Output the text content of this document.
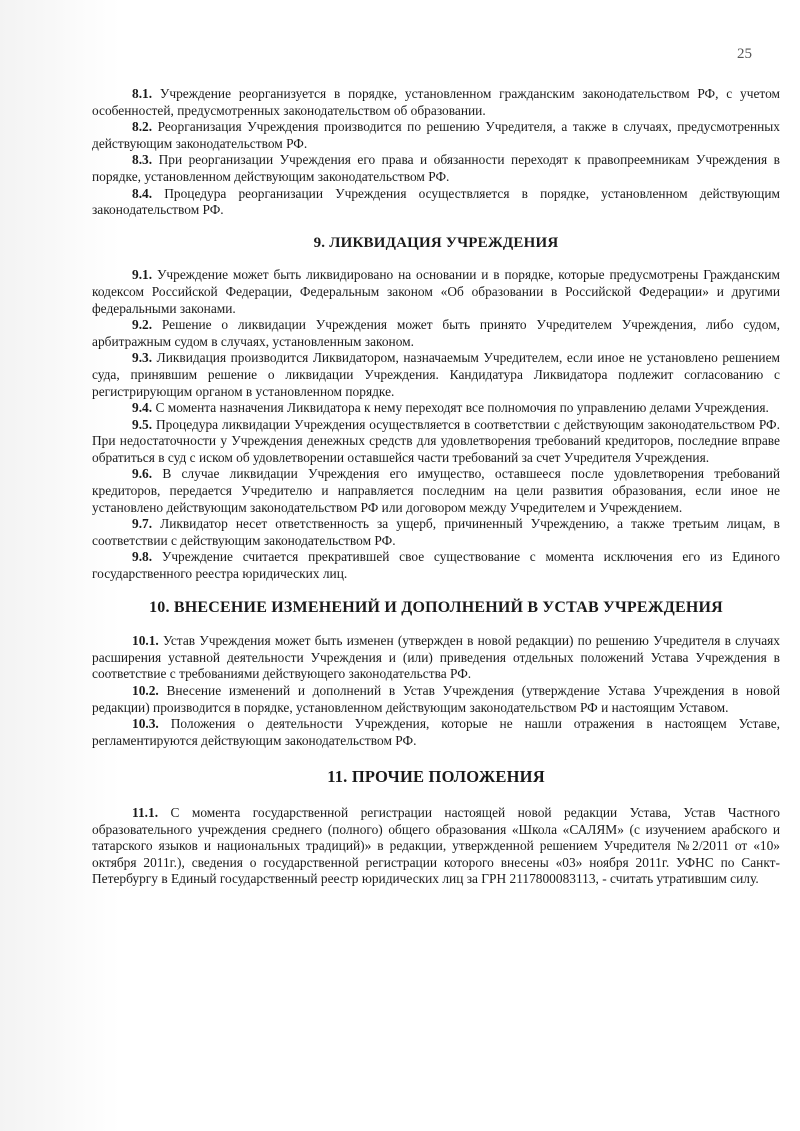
25

8.1. Учреждение реорганизуется в порядке, установленном гражданским законодательством РФ, с учетом особенностей, предусмотренных законодательством об образовании.

8.2. Реорганизация Учреждения производится по решению Учредителя, а также в случаях, предусмотренных действующим законодательством РФ.

8.3. При реорганизации Учреждения его права и обязанности переходят к правопреемникам Учреждения в порядке, установленном действующим законодательством РФ.

8.4. Процедура реорганизации Учреждения осуществляется в порядке, установленном действующим законодательством РФ.

9. ЛИКВИДАЦИЯ УЧРЕЖДЕНИЯ

9.1. Учреждение может быть ликвидировано на основании и в порядке, которые предусмотрены Гражданским кодексом Российской Федерации, Федеральным законом «Об образовании в Российской Федерации» и другими федеральными законами.

9.2. Решение о ликвидации Учреждения может быть принято Учредителем Учреждения, либо судом, арбитражным судом в случаях, установленным законом.

9.3. Ликвидация производится Ликвидатором, назначаемым Учредителем, если иное не установлено решением суда, принявшим решение о ликвидации Учреждения. Кандидатура Ликвидатора подлежит согласованию с регистрирующим органом в установленном порядке.

9.4. С момента назначения Ликвидатора к нему переходят все полномочия по управлению делами Учреждения.

9.5. Процедура ликвидации Учреждения осуществляется в соответствии с действующим законодательством РФ. При недостаточности у Учреждения денежных средств для удовлетворения требований кредиторов, последние вправе обратиться в суд с иском об удовлетворении оставшейся части требований за счет Учредителя Учреждения.

9.6. В случае ликвидации Учреждения его имущество, оставшееся после удовлетворения требований кредиторов, передается Учредителю и направляется последним на цели развития образования, если иное не установлено действующим законодательством РФ или договором между Учредителем и Учреждением.

9.7. Ликвидатор несет ответственность за ущерб, причиненный Учреждению, а также третьим лицам, в соответствии с действующим законодательством РФ.

9.8. Учреждение считается прекратившей свое существование с момента исключения его из Единого государственного реестра юридических лиц.

10. ВНЕСЕНИЕ ИЗМЕНЕНИЙ И ДОПОЛНЕНИЙ В УСТАВ УЧРЕЖДЕНИЯ

10.1. Устав Учреждения может быть изменен (утвержден в новой редакции) по решению Учредителя в случаях расширения уставной деятельности Учреждения и (или) приведения отдельных положений Устава Учреждения в соответствие с требованиями действующего законодательства РФ.

10.2. Внесение изменений и дополнений в Устав Учреждения (утверждение Устава Учреждения в новой редакции) производится в порядке, установленном действующим законодательством РФ и настоящим Уставом.

10.3. Положения о деятельности Учреждения, которые не нашли отражения в настоящем Уставе, регламентируются действующим законодательством РФ.

11. ПРОЧИЕ ПОЛОЖЕНИЯ

11.1. С момента государственной регистрации настоящей новой редакции Устава, Устав Частного образовательного учреждения среднего (полного) общего образования «Школа «САЛЯМ» (с изучением арабского и татарского языков и национальных традиций)» в редакции, утвержденной решением Учредителя №2/2011 от «10» октября 2011г.), сведения о государственной регистрации которого внесены «03» ноября 2011г. УФНС по Санкт-Петербургу в Единый государственный реестр юридических лиц за ГРН 2117800083113, - считать утратившим силу.
